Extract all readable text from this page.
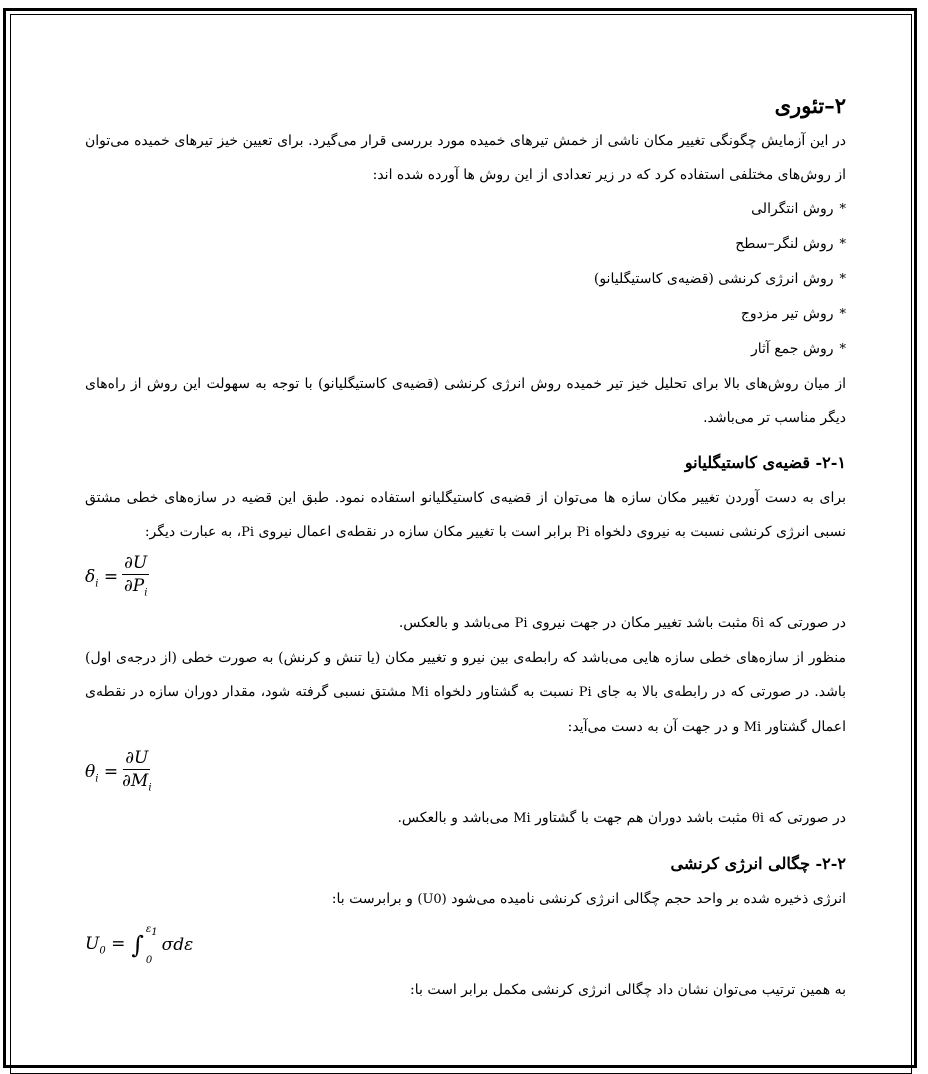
۲–تئوری

در این آزمایش چگونگی تغییر مکان ناشی از خمش تیرهای خمیده مورد بررسی قرار می‌گیرد. برای تعیین خیز تیرهای خمیده می‌توان از روش‌های مختلفی استفاده کرد که در زیر تعدادی از این روش ها آورده شده اند:

*روش انتگرالی

*روش لنگر–سطح

*روش انرژی کرنشی (قضیه‌ی کاستیگلیانو)

*روش تیر مزدوج

*روش جمع آثار

از میان روش‌های بالا برای تحلیل خیز تیر خمیده روش انرژی کرنشی (قضیه‌ی کاستیگلیانو) با توجه به سهولت این روش از راه‌های دیگر مناسب تر می‌باشد.

۲-۱- قضیه‌ی کاستیگلیانو

برای به دست آوردن تغییر مکان سازه ها می‌توان از قضیه‌ی کاستیگلیانو استفاده نمود. طبق این قضیه در سازه‌های خطی مشتق نسبی انرژی کرنشی نسبت به نیروی دلخواه Pi برابر است با تغییر مکان سازه در نقطه‌ی اعمال نیروی Pi، به عبارت دیگر:

$\delta_i = \frac{\partial U}{\partial P_i}$

در صورتی که δi مثبت باشد تغییر مکان در جهت نیروی Pi می‌باشد و بالعکس.

منظور از سازه‌های خطی سازه هایی می‌باشد که رابطه‌ی بین نیرو و تغییر مکان (یا تنش و کرنش) به صورت خطی (از درجه‌ی اول) باشد. در صورتی که در رابطه‌ی بالا به جای Pi نسبت به گشتاور دلخواه Mi مشتق نسبی گرفته شود، مقدار دوران سازه در نقطه‌ی اعمال گشتاور Mi و در جهت آن به دست می‌آید:

$\theta_i = \frac{\partial U}{\partial M_i}$

در صورتی که θi مثبت باشد دوران هم جهت با گشتاور Mi می‌باشد و بالعکس.

۲-۲- چگالی انرژی کرنشی

انرژی ذخیره شده بر واحد حجم چگالی انرژی کرنشی نامیده می‌شود (U0) و برابرست با:

$U_0$ = ∫
$\varepsilon_1$
0
σdε

به همین ترتیب می‌توان نشان داد چگالی انرژی کرنشی مکمل برابر است با:
